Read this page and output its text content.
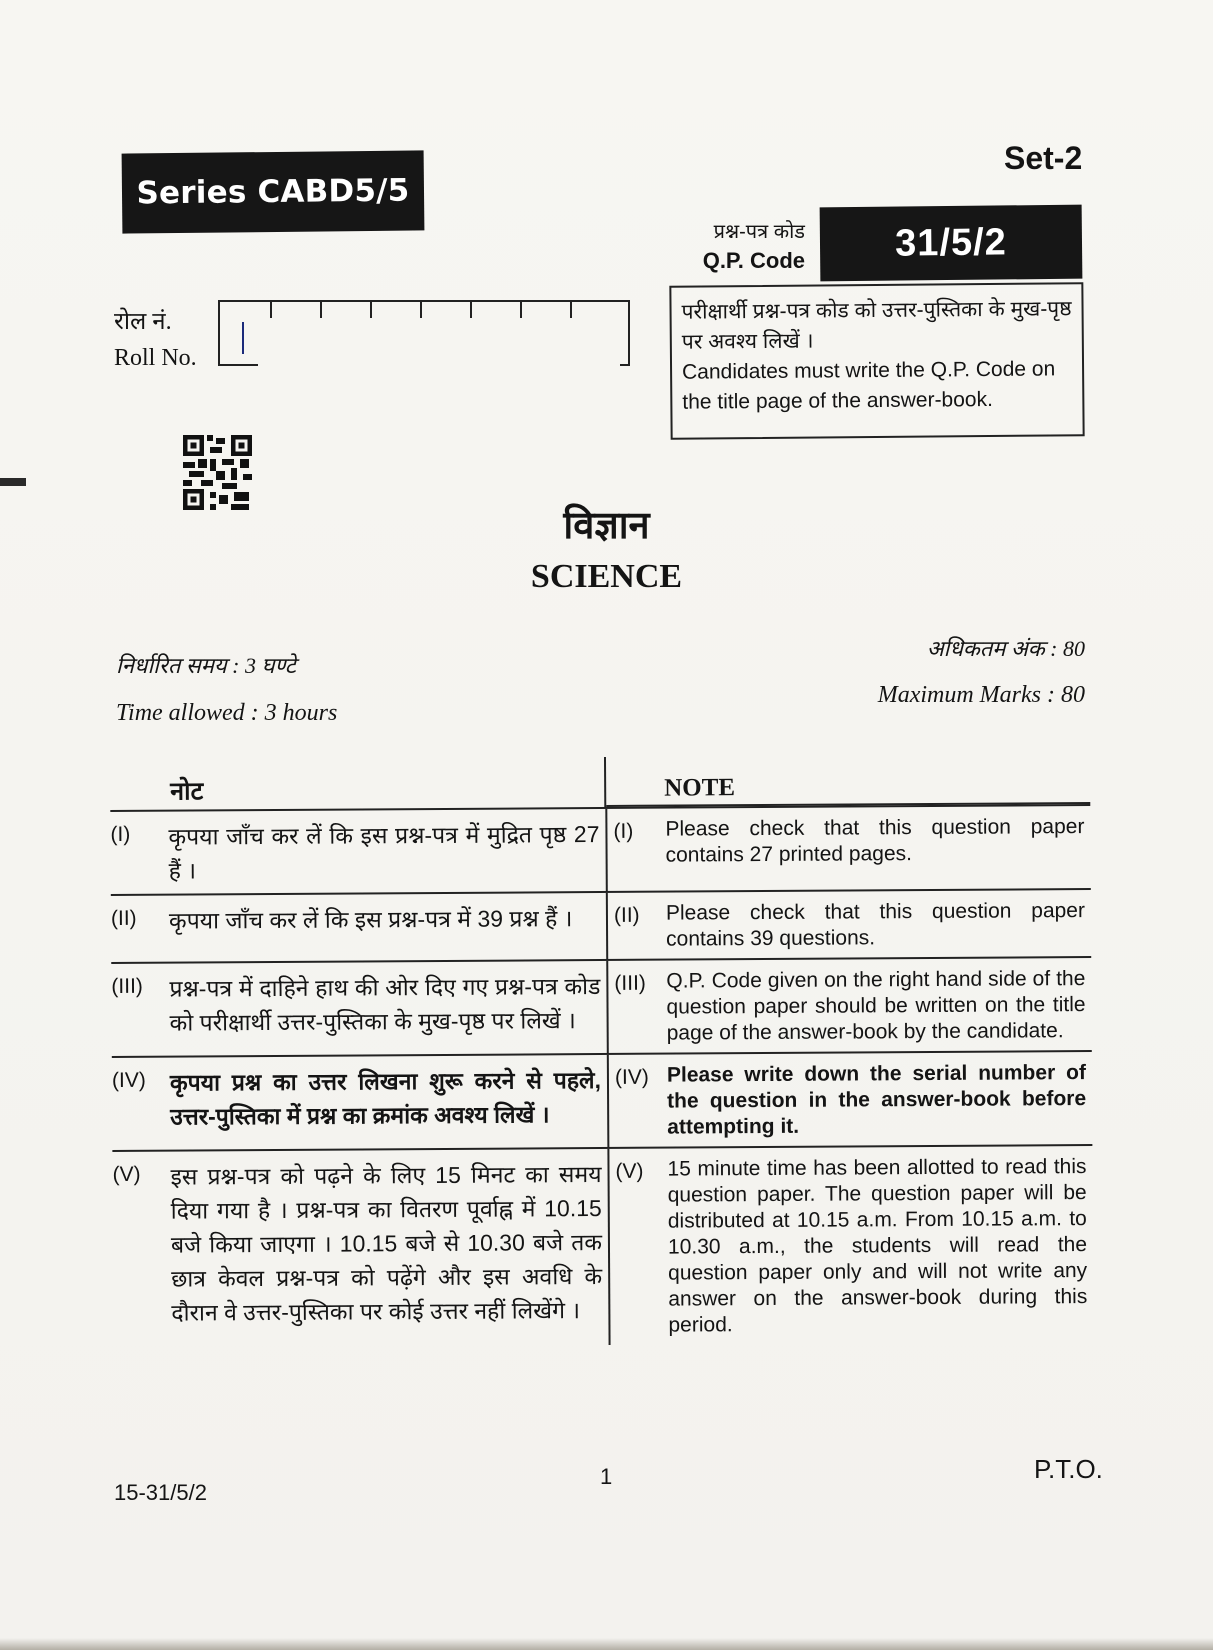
Series CABD5/5
Set-2
प्रश्न-पत्र कोड
Q.P. Code 31/5/2
रोल नं.
Roll No.
परीक्षार्थी प्रश्न-पत्र कोड को उत्तर-पुस्तिका के मुख-पृष्ठ पर अवश्य लिखें ।
Candidates must write the Q.P. Code on the title page of the answer-book.
विज्ञान
SCIENCE
निर्धारित समय : 3 घण्टे
Time allowed : 3 hours
अधिकतम अंक : 80
Maximum Marks : 80
नोट	NOTE
(I)	कृपया जाँच कर लें कि इस प्रश्न-पत्र में मुद्रित पृष्ठ 27 हैं ।
(I)	Please check that this question paper contains 27 printed pages.
(II)	कृपया जाँच कर लें कि इस प्रश्न-पत्र में 39 प्रश्न हैं ।	(II)	Please check that this question paper contains 39 questions.
(III)	प्रश्न-पत्र में दाहिने हाथ की ओर दिए गए प्रश्न-पत्र कोड को परीक्षार्थी उत्तर-पुस्तिका के मुख-पृष्ठ पर लिखें ।
(III) Q.P. Code given on the right hand side of the question paper should be written on the title page of the answer-book by the candidate.
(IV)	कृपया प्रश्न का उत्तर लिखना शुरू करने से पहले, उत्तर-पुस्तिका में प्रश्न का क्रमांक अवश्य लिखें ।
(IV) Please write down the serial number of the question in the answer-book before attempting it.
(V)	इस प्रश्न-पत्र को पढ़ने के लिए 15 मिनट का समय दिया गया है । प्रश्न-पत्र का वितरण पूर्वाह्न में 10.15 बजे किया जाएगा । 10.15 बजे से 10.30 बजे तक छात्र केवल प्रश्न-पत्र को पढ़ेंगे और इस अवधि के दौरान वे उत्तर-पुस्तिका पर कोई उत्तर नहीं लिखेंगे ।
(V)	15 minute time has been allotted to read this question paper. The question paper will be distributed at 10.15 a.m. From 10.15 a.m. to 10.30 a.m., the students will read the question paper only and will not write any answer on the answer-book during this period.
15-31/5/2
1	P.T.O.
